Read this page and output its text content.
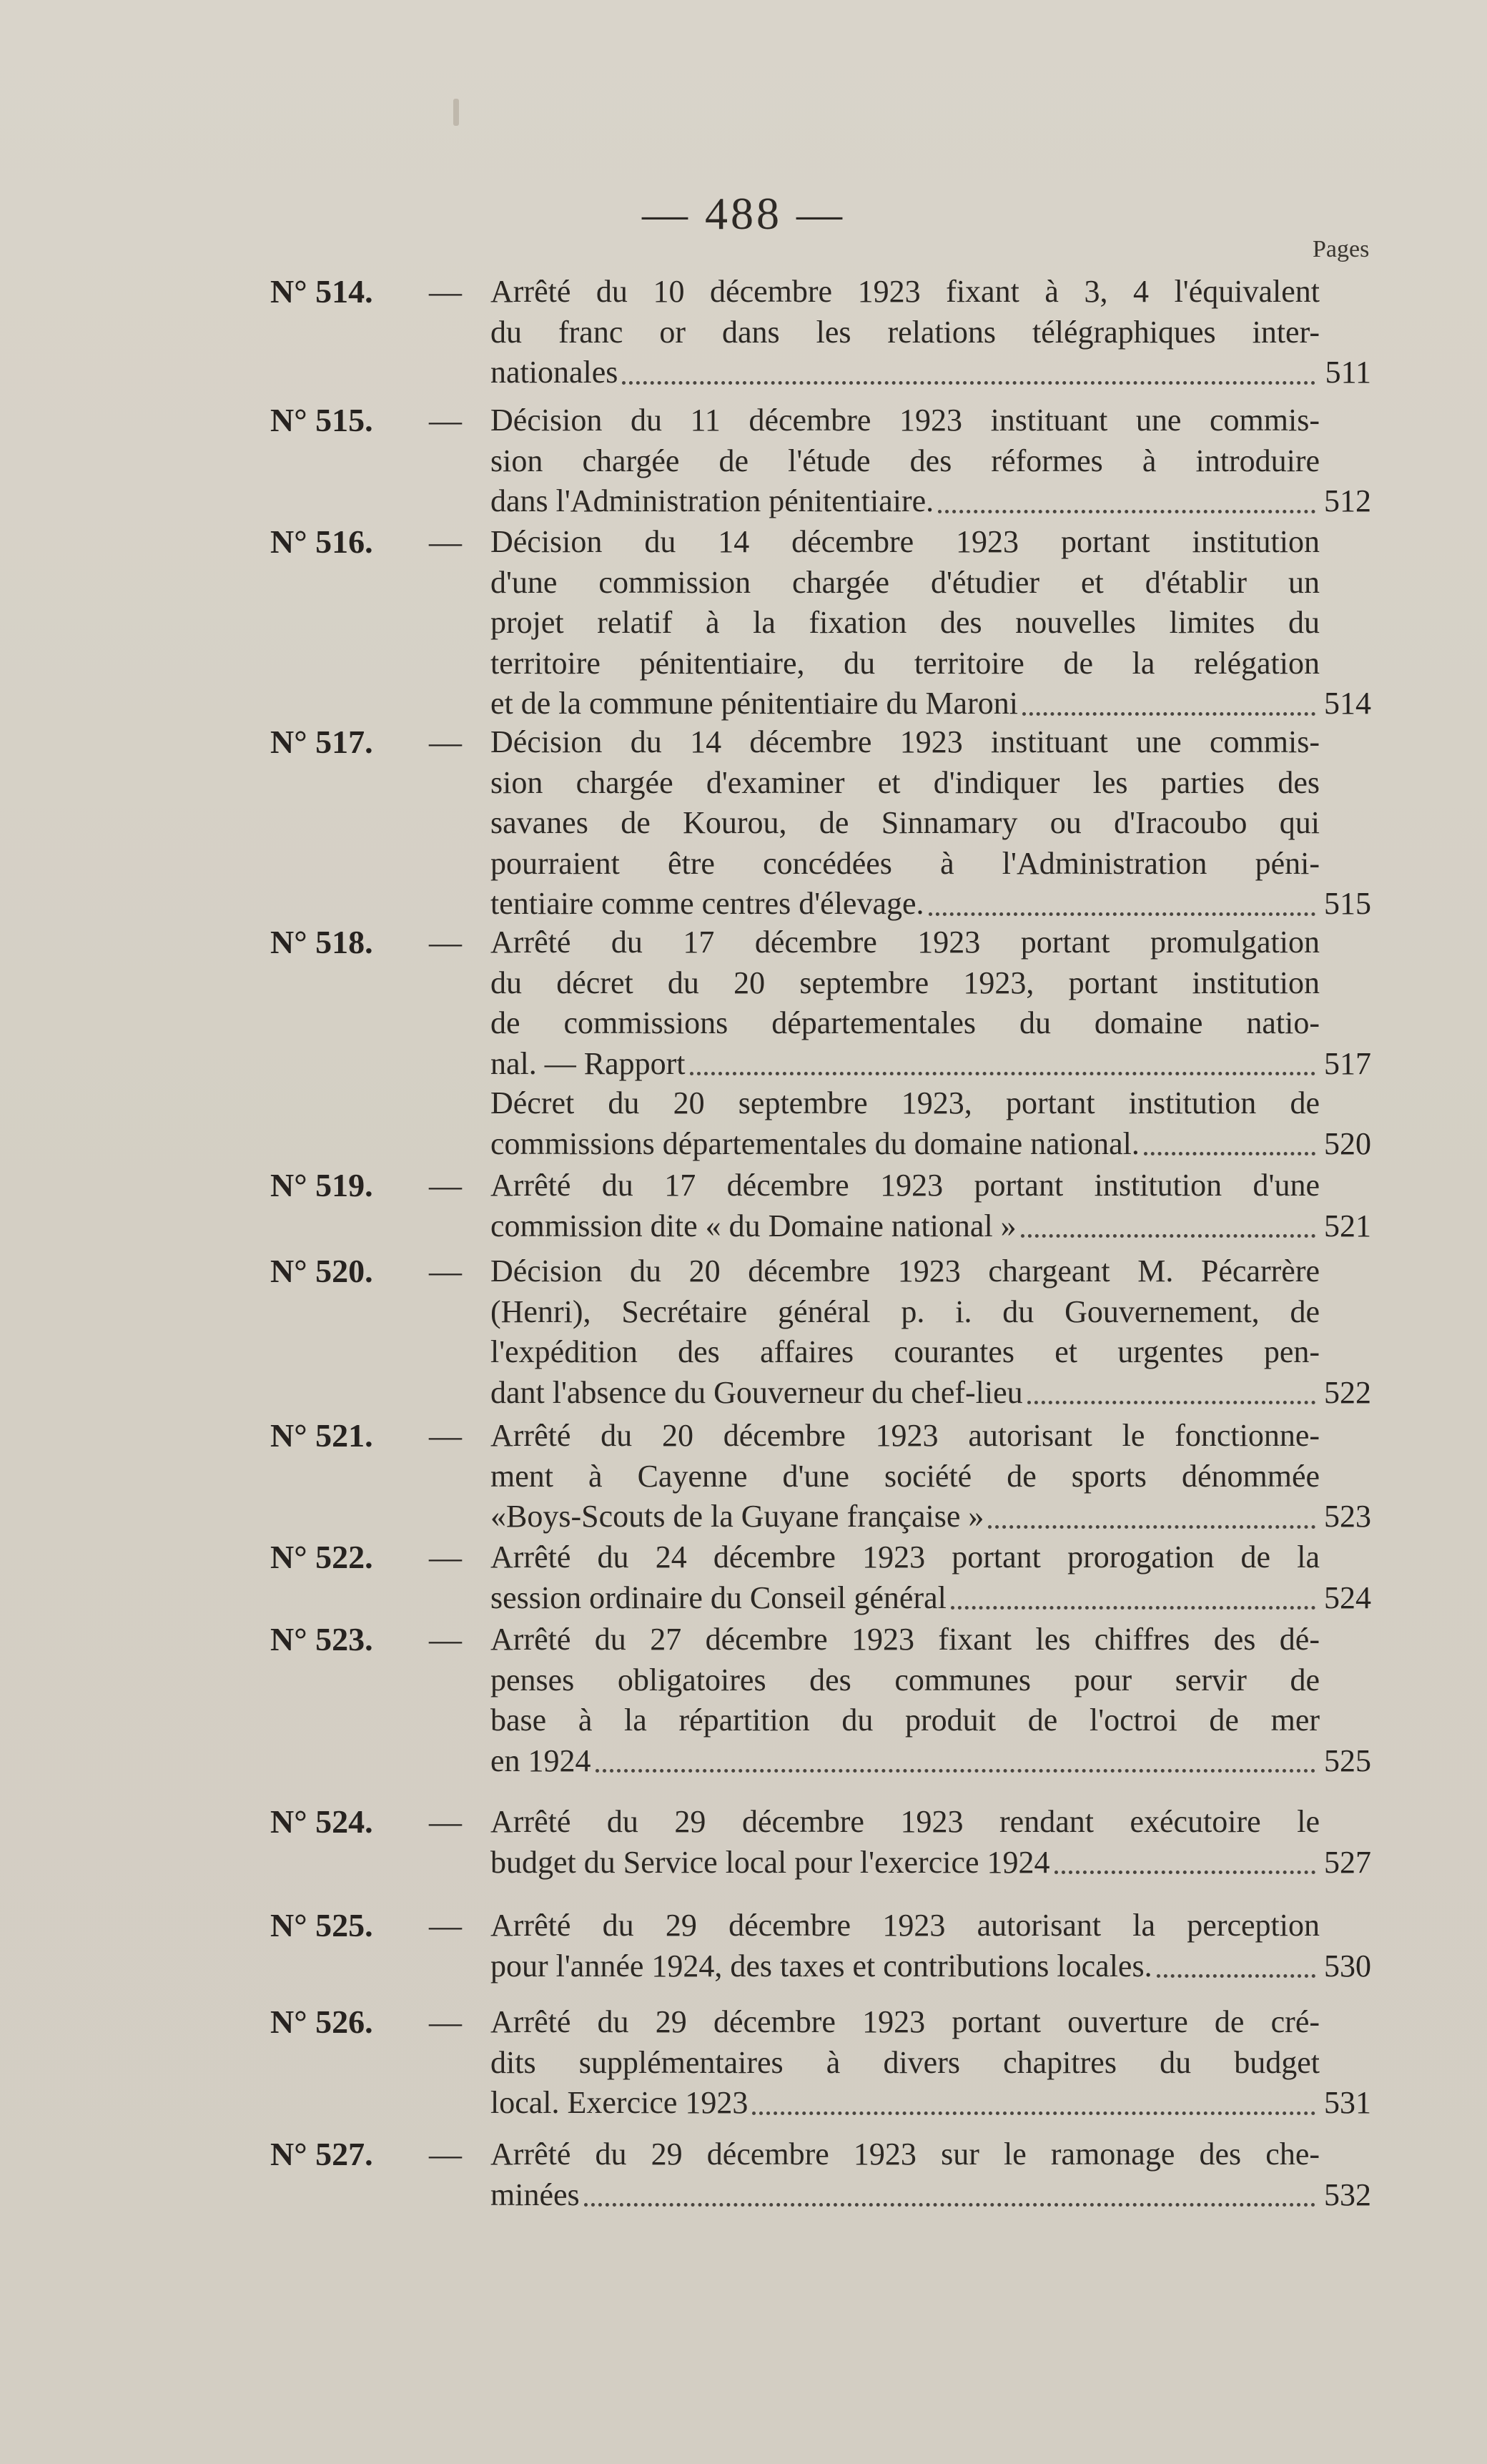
— 488 —
Pages
N° 514. — Arrêté du 10 décembre 1923 fixant à 3, 4 l'équivalent
du franc or dans les relations télégraphiques inter-
nationales	511
N° 515. — Décision du 11 décembre 1923 instituant une commis-
sion chargée de l'étude des réformes à introduire
dans l'Administration pénitentiaire.	512
N° 516. — Décision du 14 décembre 1923 portant institution
d'une commission chargée d'étudier et d'établir un
projet relatif à la fixation des nouvelles limites du
territoire pénitentiaire, du territoire de la relégation
et de la commune pénitentiaire du Maroni	514
N° 517. — Décision du 14 décembre 1923 instituant une commis-
sion chargée d'examiner et d'indiquer les parties des
savanes de Kourou, de Sinnamary ou d'Iracoubo qui
pourraient être concédées à l'Administration péni-
tentiaire comme centres d'élevage.	515
N° 518. — Arrêté du 17 décembre 1923 portant promulgation
du décret du 20 septembre 1923, portant institution
de commissions départementales du domaine natio-
nal. — Rapport	517
Décret du 20 septembre 1923, portant institution de
commissions départementales du domaine national.	520
N° 519. — Arrêté du 17 décembre 1923 portant institution d'une
commission dite « du Domaine national »	521
N° 520. — Décision du 20 décembre 1923 chargeant M. Pécarrère
(Henri), Secrétaire général p. i. du Gouvernement, de
l'expédition des affaires courantes et urgentes pen-
dant l'absence du Gouverneur du chef-lieu	522
N° 521. — Arrêté du 20 décembre 1923 autorisant le fonctionne-
ment à Cayenne d'une société de sports dénommée
«Boys-Scouts de la Guyane française »	523
N° 522. — Arrêté du 24 décembre 1923 portant prorogation de la
session ordinaire du Conseil général	524
N° 523. — Arrêté du 27 décembre 1923 fixant les chiffres des dé-
penses obligatoires des communes pour servir de
base à la répartition du produit de l'octroi de mer
en 1924	525
N° 524. — Arrêté du 29 décembre 1923 rendant exécutoire le
budget du Service local pour l'exercice 1924	527
N° 525. — Arrêté du 29 décembre 1923 autorisant la perception
pour l'année 1924, des taxes et contributions locales.	530
N° 526. — Arrêté du 29 décembre 1923 portant ouverture de cré-
dits supplémentaires à divers chapitres du budget
local. Exercice 1923	531
N° 527. — Arrêté du 29 décembre 1923 sur le ramonage des che-
minées	532
